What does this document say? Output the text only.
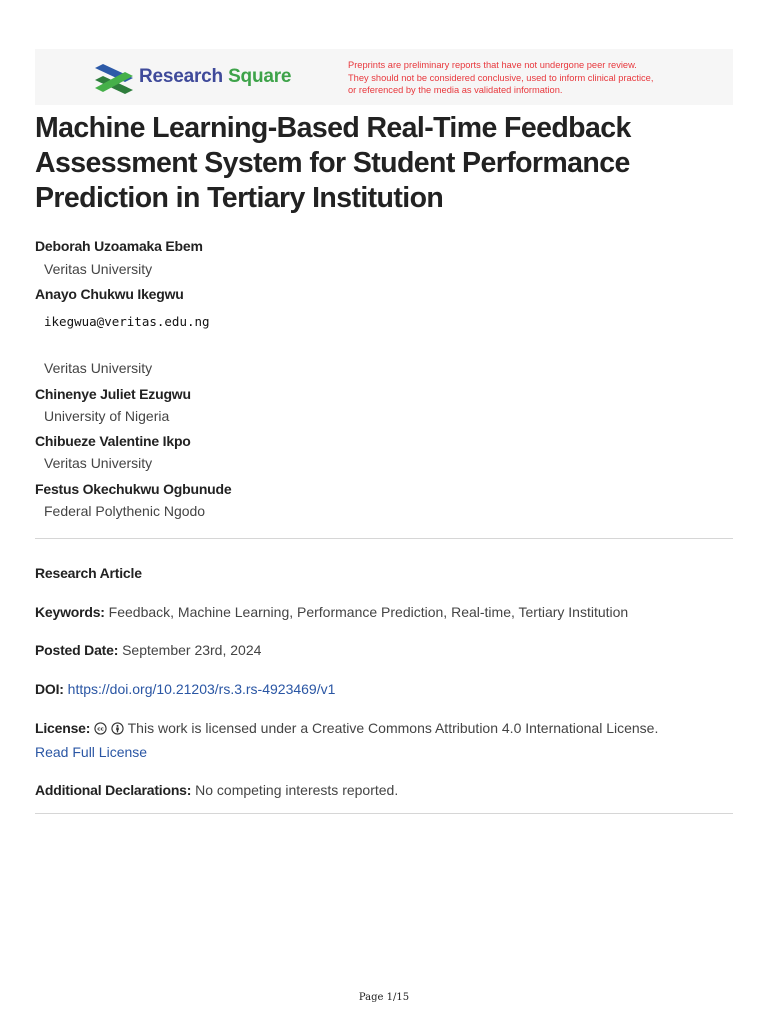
Research Square
Preprints are preliminary reports that have not undergone peer review.
They should not be considered conclusive, used to inform clinical practice,
or referenced by the media as validated information.
Machine Learning-Based Real-Time Feedback
Assessment System for Student Performance
Prediction in Tertiary Institution
Deborah Uzoamaka Ebem
Veritas University
Anayo Chukwu Ikegwu
ikegwua@veritas.edu.ng
Veritas University
Chinenye Juliet Ezugwu
University of Nigeria
Chibueze Valentine Ikpo
Veritas University
Festus Okechukwu Ogbunude
Federal Polythenic Ngodo
Research Article
Keywords: Feedback, Machine Learning, Performance Prediction, Real-time, Tertiary Institution
Posted Date: September 23rd, 2024
DOI: https://doi.org/10.21203/rs.3.rs-4923469/v1
License: cc This work is licensed under a Creative Commons Attribution 4.0 International License.
Read Full License
Additional Declarations: No competing interests reported.
Page 1/15
